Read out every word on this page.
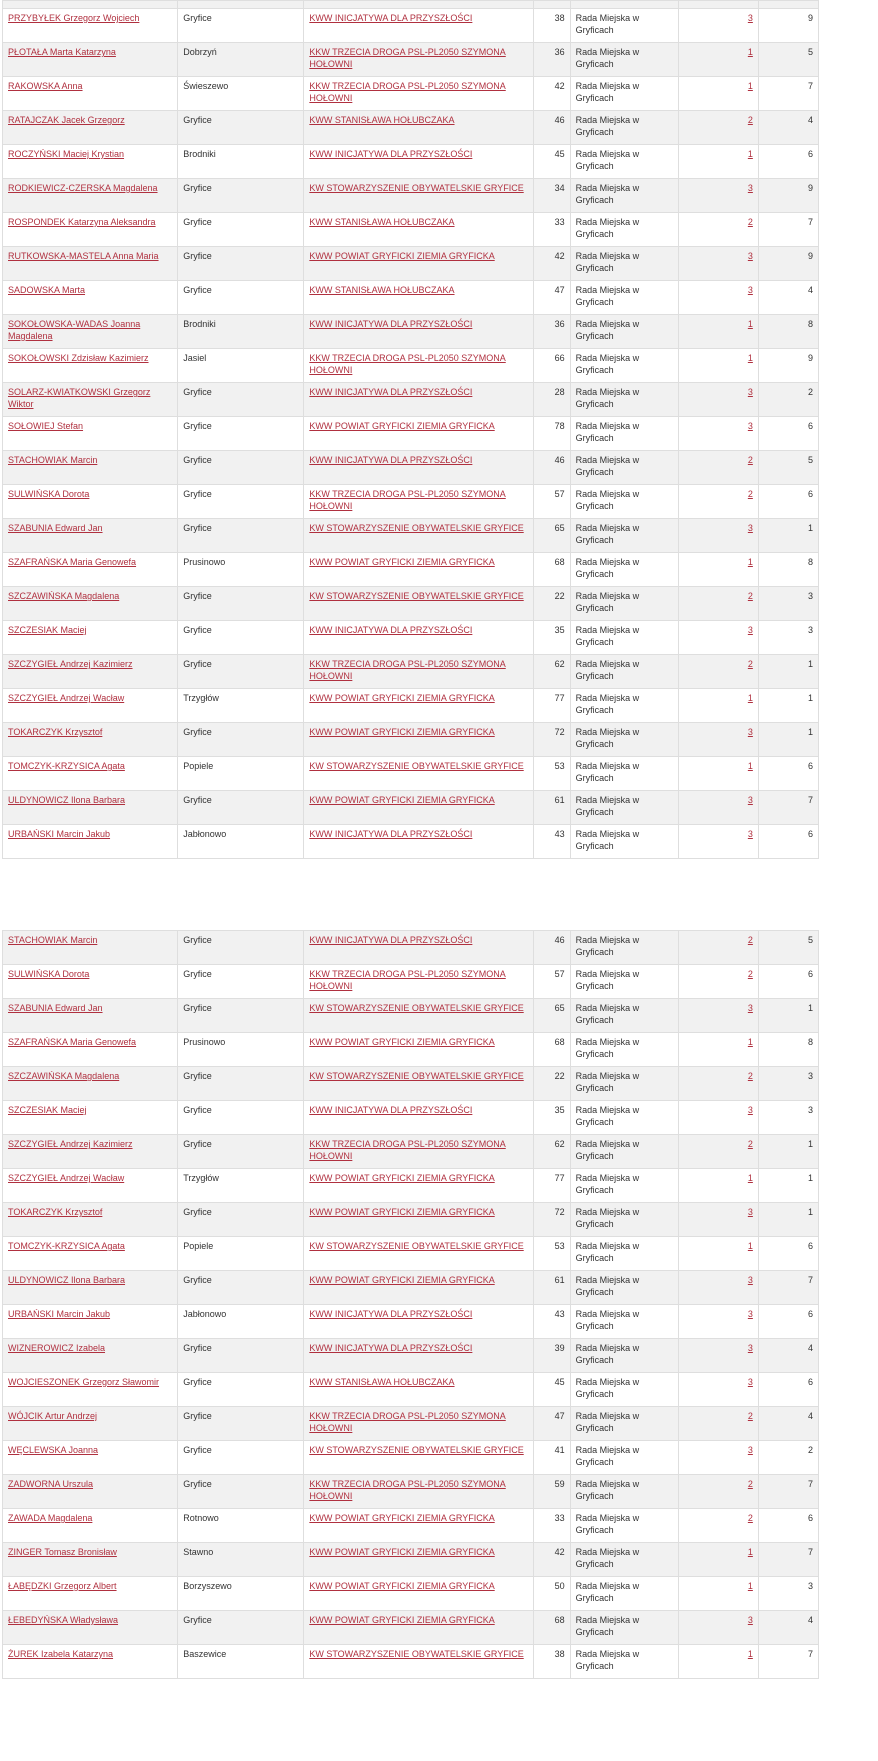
PRZYBYŁEK Grzegorz Wojciech	Gryfice	KWW INICJATYWA DLA PRZYSZŁOŚCI	38	Rada Miejska w Gryficach	3	9
PŁOTAŁA Marta Katarzyna	Dobrzyń	KKW TRZECIA DROGA PSL-PL2050 SZYMONA HOŁOWNI	36	Rada Miejska w Gryficach	1	5
RAKOWSKA Anna	Świeszewo	KKW TRZECIA DROGA PSL-PL2050 SZYMONA HOŁOWNI	42	Rada Miejska w Gryficach	1	7
RATAJCZAK Jacek Grzegorz	Gryfice	KWW STANISŁAWA HOŁUBCZAKA	46	Rada Miejska w Gryficach	2	4
ROCZYŃSKI Maciej Krystian	Brodniki	KWW INICJATYWA DLA PRZYSZŁOŚCI	45	Rada Miejska w Gryficach	1	6
RODKIEWICZ-CZERSKA Magdalena	Gryfice	KW STOWARZYSZENIE OBYWATELSKIE GRYFICE	34	Rada Miejska w Gryficach	3	9
ROSPONDEK Katarzyna Aleksandra	Gryfice	KWW STANISŁAWA HOŁUBCZAKA	33	Rada Miejska w Gryficach	2	7
RUTKOWSKA-MASTELA Anna Maria	Gryfice	KWW POWIAT GRYFICKI ZIEMIA GRYFICKA	42	Rada Miejska w Gryficach	3	9
SADOWSKA Marta	Gryfice	KWW STANISŁAWA HOŁUBCZAKA	47	Rada Miejska w Gryficach	3	4
SOKOŁOWSKA-WADAS Joanna Magdalena	Brodniki	KWW INICJATYWA DLA PRZYSZŁOŚCI	36	Rada Miejska w Gryficach	1	8
SOKOŁOWSKI Zdzisław Kazimierz	Jasiel	KKW TRZECIA DROGA PSL-PL2050 SZYMONA HOŁOWNI	66	Rada Miejska w Gryficach	1	9
SOLARZ-KWIATKOWSKI Grzegorz Wiktor	Gryfice	KWW INICJATYWA DLA PRZYSZŁOŚCI	28	Rada Miejska w Gryficach	3	2
SOŁOWIEJ Stefan	Gryfice	KWW POWIAT GRYFICKI ZIEMIA GRYFICKA	78	Rada Miejska w Gryficach	3	6
STACHOWIAK Marcin	Gryfice	KWW INICJATYWA DLA PRZYSZŁOŚCI	46	Rada Miejska w Gryficach	2	5
SULWIŃSKA Dorota	Gryfice	KKW TRZECIA DROGA PSL-PL2050 SZYMONA HOŁOWNI	57	Rada Miejska w Gryficach	2	6
SZABUNIA Edward Jan	Gryfice	KW STOWARZYSZENIE OBYWATELSKIE GRYFICE	65	Rada Miejska w Gryficach	3	1
SZAFRAŃSKA Maria Genowefa	Prusinowo	KWW POWIAT GRYFICKI ZIEMIA GRYFICKA	68	Rada Miejska w Gryficach	1	8
SZCZAWIŃSKA Magdalena	Gryfice	KW STOWARZYSZENIE OBYWATELSKIE GRYFICE	22	Rada Miejska w Gryficach	2	3
SZCZESIAK Maciej	Gryfice	KWW INICJATYWA DLA PRZYSZŁOŚCI	35	Rada Miejska w Gryficach	3	3
SZCZYGIEŁ Andrzej Kazimierz	Gryfice	KKW TRZECIA DROGA PSL-PL2050 SZYMONA HOŁOWNI	62	Rada Miejska w Gryficach	2	1
SZCZYGIEŁ Andrzej Wacław	Trzygłów	KWW POWIAT GRYFICKI ZIEMIA GRYFICKA	77	Rada Miejska w Gryficach	1	1
TOKARCZYK Krzysztof	Gryfice	KWW POWIAT GRYFICKI ZIEMIA GRYFICKA	72	Rada Miejska w Gryficach	3	1
TOMCZYK-KRZYSICA Agata	Popiele	KW STOWARZYSZENIE OBYWATELSKIE GRYFICE	53	Rada Miejska w Gryficach	1	6
ULDYNOWICZ Ilona Barbara	Gryfice	KWW POWIAT GRYFICKI ZIEMIA GRYFICKA	61	Rada Miejska w Gryficach	3	7
URBAŃSKI Marcin Jakub	Jabłonowo	KWW INICJATYWA DLA PRZYSZŁOŚCI	43	Rada Miejska w Gryficach	3	6
STACHOWIAK Marcin	Gryfice	KWW INICJATYWA DLA PRZYSZŁOŚCI	46	Rada Miejska w Gryficach	2	5
SULWIŃSKA Dorota	Gryfice	KKW TRZECIA DROGA PSL-PL2050 SZYMONA HOŁOWNI	57	Rada Miejska w Gryficach	2	6
SZABUNIA Edward Jan	Gryfice	KW STOWARZYSZENIE OBYWATELSKIE GRYFICE	65	Rada Miejska w Gryficach	3	1
SZAFRAŃSKA Maria Genowefa	Prusinowo	KWW POWIAT GRYFICKI ZIEMIA GRYFICKA	68	Rada Miejska w Gryficach	1	8
SZCZAWIŃSKA Magdalena	Gryfice	KW STOWARZYSZENIE OBYWATELSKIE GRYFICE	22	Rada Miejska w Gryficach	2	3
SZCZESIAK Maciej	Gryfice	KWW INICJATYWA DLA PRZYSZŁOŚCI	35	Rada Miejska w Gryficach	3	3
SZCZYGIEŁ Andrzej Kazimierz	Gryfice	KKW TRZECIA DROGA PSL-PL2050 SZYMONA HOŁOWNI	62	Rada Miejska w Gryficach	2	1
SZCZYGIEŁ Andrzej Wacław	Trzygłów	KWW POWIAT GRYFICKI ZIEMIA GRYFICKA	77	Rada Miejska w Gryficach	1	1
TOKARCZYK Krzysztof	Gryfice	KWW POWIAT GRYFICKI ZIEMIA GRYFICKA	72	Rada Miejska w Gryficach	3	1
TOMCZYK-KRZYSICA Agata	Popiele	KW STOWARZYSZENIE OBYWATELSKIE GRYFICE	53	Rada Miejska w Gryficach	1	6
ULDYNOWICZ Ilona Barbara	Gryfice	KWW POWIAT GRYFICKI ZIEMIA GRYFICKA	61	Rada Miejska w Gryficach	3	7
URBAŃSKI Marcin Jakub	Jabłonowo	KWW INICJATYWA DLA PRZYSZŁOŚCI	43	Rada Miejska w Gryficach	3	6
WIZNEROWICZ Izabela	Gryfice	KWW INICJATYWA DLA PRZYSZŁOŚCI	39	Rada Miejska w Gryficach	3	4
WOJCIESZONEK Grzegorz Sławomir	Gryfice	KWW STANISŁAWA HOŁUBCZAKA	45	Rada Miejska w Gryficach	3	6
WÓJCIK Artur Andrzej	Gryfice	KKW TRZECIA DROGA PSL-PL2050 SZYMONA HOŁOWNI	47	Rada Miejska w Gryficach	2	4
WĘCLEWSKA Joanna	Gryfice	KW STOWARZYSZENIE OBYWATELSKIE GRYFICE	41	Rada Miejska w Gryficach	3	2
ZADWORNA Urszula	Gryfice	KKW TRZECIA DROGA PSL-PL2050 SZYMONA HOŁOWNI	59	Rada Miejska w Gryficach	2	7
ZAWADA Magdalena	Rotnowo	KWW POWIAT GRYFICKI ZIEMIA GRYFICKA	33	Rada Miejska w Gryficach	2	6
ZINGER Tomasz Bronisław	Stawno	KWW POWIAT GRYFICKI ZIEMIA GRYFICKA	42	Rada Miejska w Gryficach	1	7
ŁABĘDZKI Grzegorz Albert	Borzyszewo	KWW POWIAT GRYFICKI ZIEMIA GRYFICKA	50	Rada Miejska w Gryficach	1	3
ŁEBEDYŃSKA Władysława	Gryfice	KWW POWIAT GRYFICKI ZIEMIA GRYFICKA	68	Rada Miejska w Gryficach	3	4
ŻUREK Izabela Katarzyna	Baszewice	KW STOWARZYSZENIE OBYWATELSKIE GRYFICE	38	Rada Miejska w Gryficach	1	7
